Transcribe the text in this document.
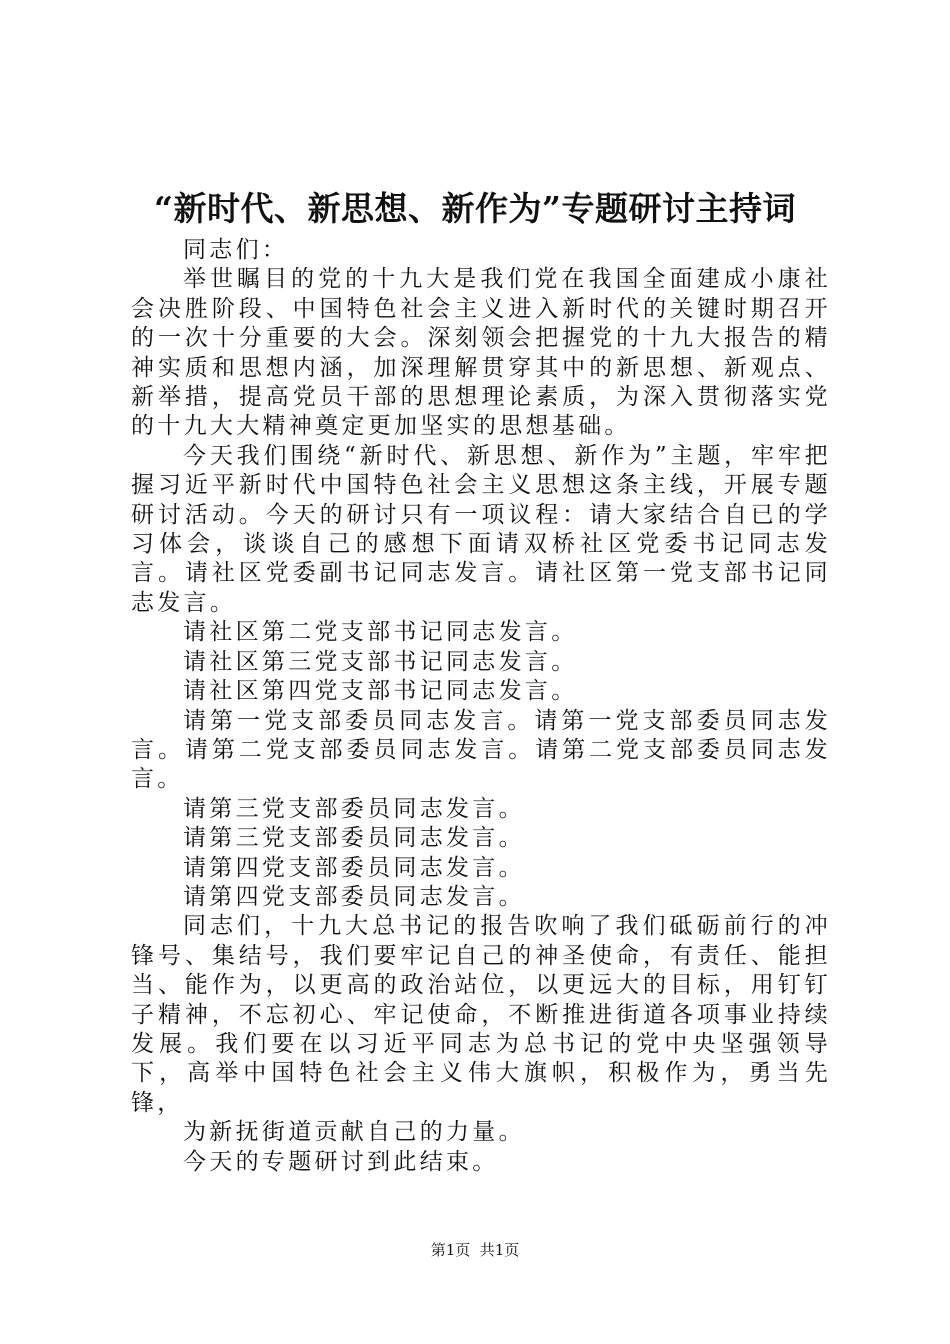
“新时代、新思想、新作为”专题研讨主持词

同志们：

举世瞩目的党的十九大是我们党在我国全面建成小康社会决胜阶段、中国特色社会主义进入新时代的关键时期召开的一次十分重要的大会。深刻领会把握党的十九大报告的精神实质和思想内涵，加深理解贯穿其中的新思想、新观点、新举措，提高党员干部的思想理论素质，为深入贯彻落实党的十九大大精神奠定更加坚实的思想基础。

今天我们围绕“新时代、新思想、新作为”主题，牢牢把握习近平新时代中国特色社会主义思想这条主线，开展专题研讨活动。今天的研讨只有一项议程：请大家结合自已的学习体会，谈谈自己的感想下面请双桥社区党委书记同志发言。请社区党委副书记同志发言。请社区第一党支部书记同志发言。

请社区第二党支部书记同志发言。

请社区第三党支部书记同志发言。

请社区第四党支部书记同志发言。

请第一党支部委员同志发言。请第一党支部委员同志发言。请第二党支部委员同志发言。请第二党支部委员同志发言。

请第三党支部委员同志发言。

请第三党支部委员同志发言。

请第四党支部委员同志发言。

请第四党支部委员同志发言。

同志们，十九大总书记的报告吹响了我们砥砺前行的冲锋号、集结号，我们要牢记自己的神圣使命，有责任、能担当、能作为，以更高的政治站位，以更远大的目标，用钉钉子精神，不忘初心、牢记使命，不断推进街道各项事业持续发展。我们要在以习近平同志为总书记的党中央坚强领导下，高举中国特色社会主义伟大旗帜，积极作为，勇当先锋，

为新抚街道贡献自己的力量。

今天的专题研讨到此结束。

第1页  共1页
